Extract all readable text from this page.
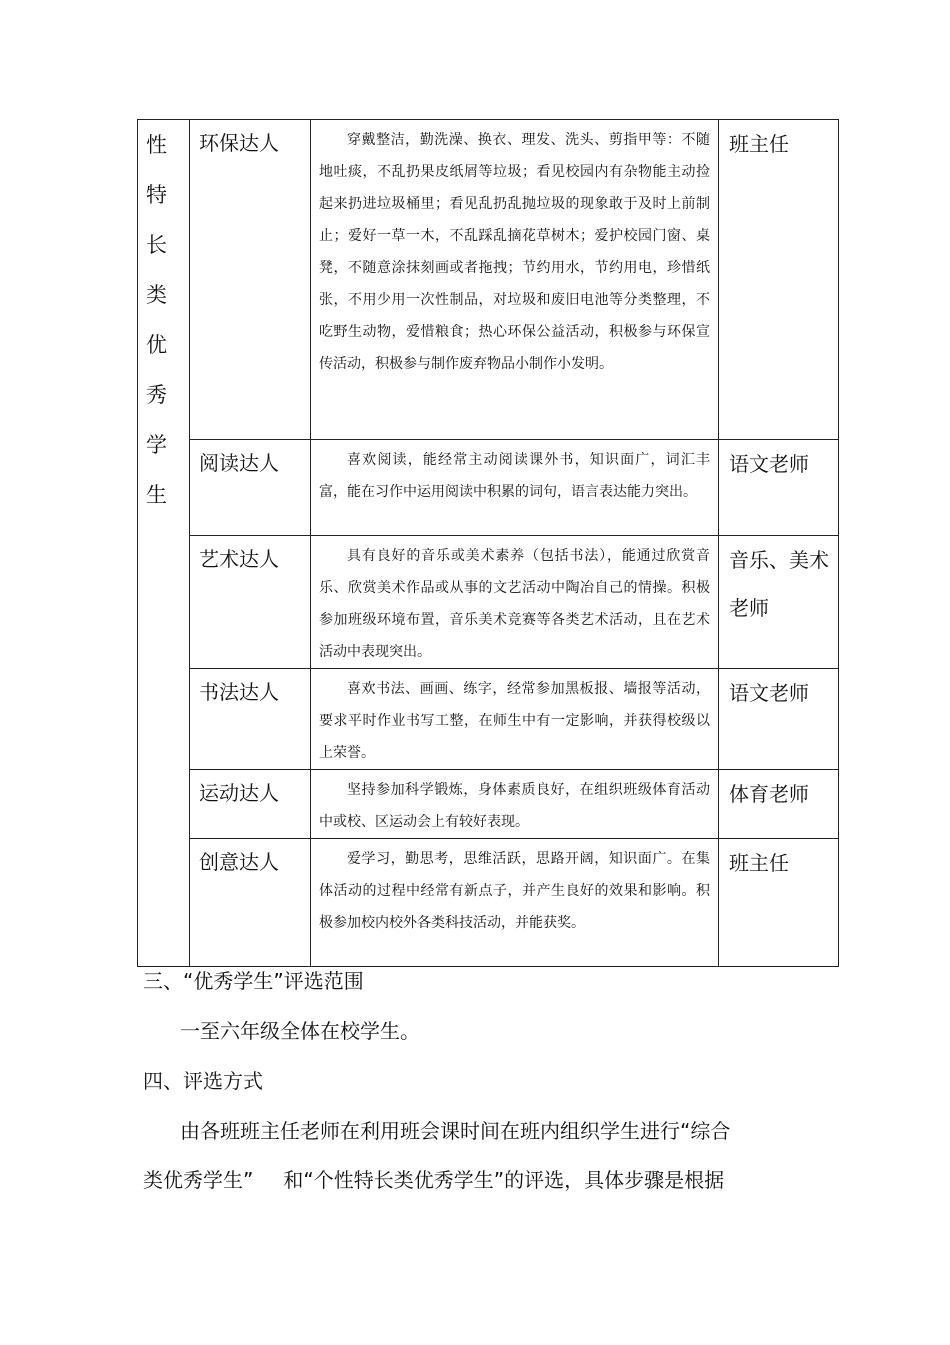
性特长类优秀学生	环保达人	穿戴整洁，勤洗澡、换衣、理发、洗头、剪指甲等：不随地吐痰，不乱扔果皮纸屑等垃圾；看见校园内有杂物能主动捡起来扔进垃圾桶里；看见乱扔乱抛垃圾的现象敢于及时上前制止；爱好一草一木，不乱踩乱摘花草树木；爱护校园门窗、桌凳，不随意涂抹刻画或者拖拽；节约用水，节约用电，珍惜纸张，不用少用一次性制品，对垃圾和废旧电池等分类整理，不吃野生动物，爱惜粮食；热心环保公益活动，积极参与环保宣传活动，积极参与制作废弃物品小制作小发明。	班主任
	阅读达人	喜欢阅读，能经常主动阅读课外书，知识面广，词汇丰富，能在习作中运用阅读中积累的词句，语言表达能力突出。	语文老师
	艺术达人	具有良好的音乐或美术素养（包括书法），能通过欣赏音乐、欣赏美术作品或从事的文艺活动中陶冶自己的情操。积极参加班级环境布置，音乐美术竞赛等各类艺术活动，且在艺术活动中表现突出。	音乐、美术老师
	书法达人	喜欢书法、画画、练字，经常参加黑板报、墙报等活动，要求平时作业书写工整，在师生中有一定影响，并获得校级以上荣誉。	语文老师
	运动达人	坚持参加科学锻炼，身体素质良好，在组织班级体育活动中或校、区运动会上有较好表现。	体育老师
	创意达人	爱学习，勤思考，思维活跃，思路开阔，知识面广。在集体活动的过程中经常有新点子，并产生良好的效果和影响。积极参加校内校外各类科技活动，并能获奖。	班主任
三、“优秀学生”评选范围
一至六年级全体在校学生。
四、评选方式
由各班班主任老师在利用班会课时间在班内组织学生进行“综合
类优秀学生” 和“个性特长类优秀学生”的评选，具体步骤是根据
